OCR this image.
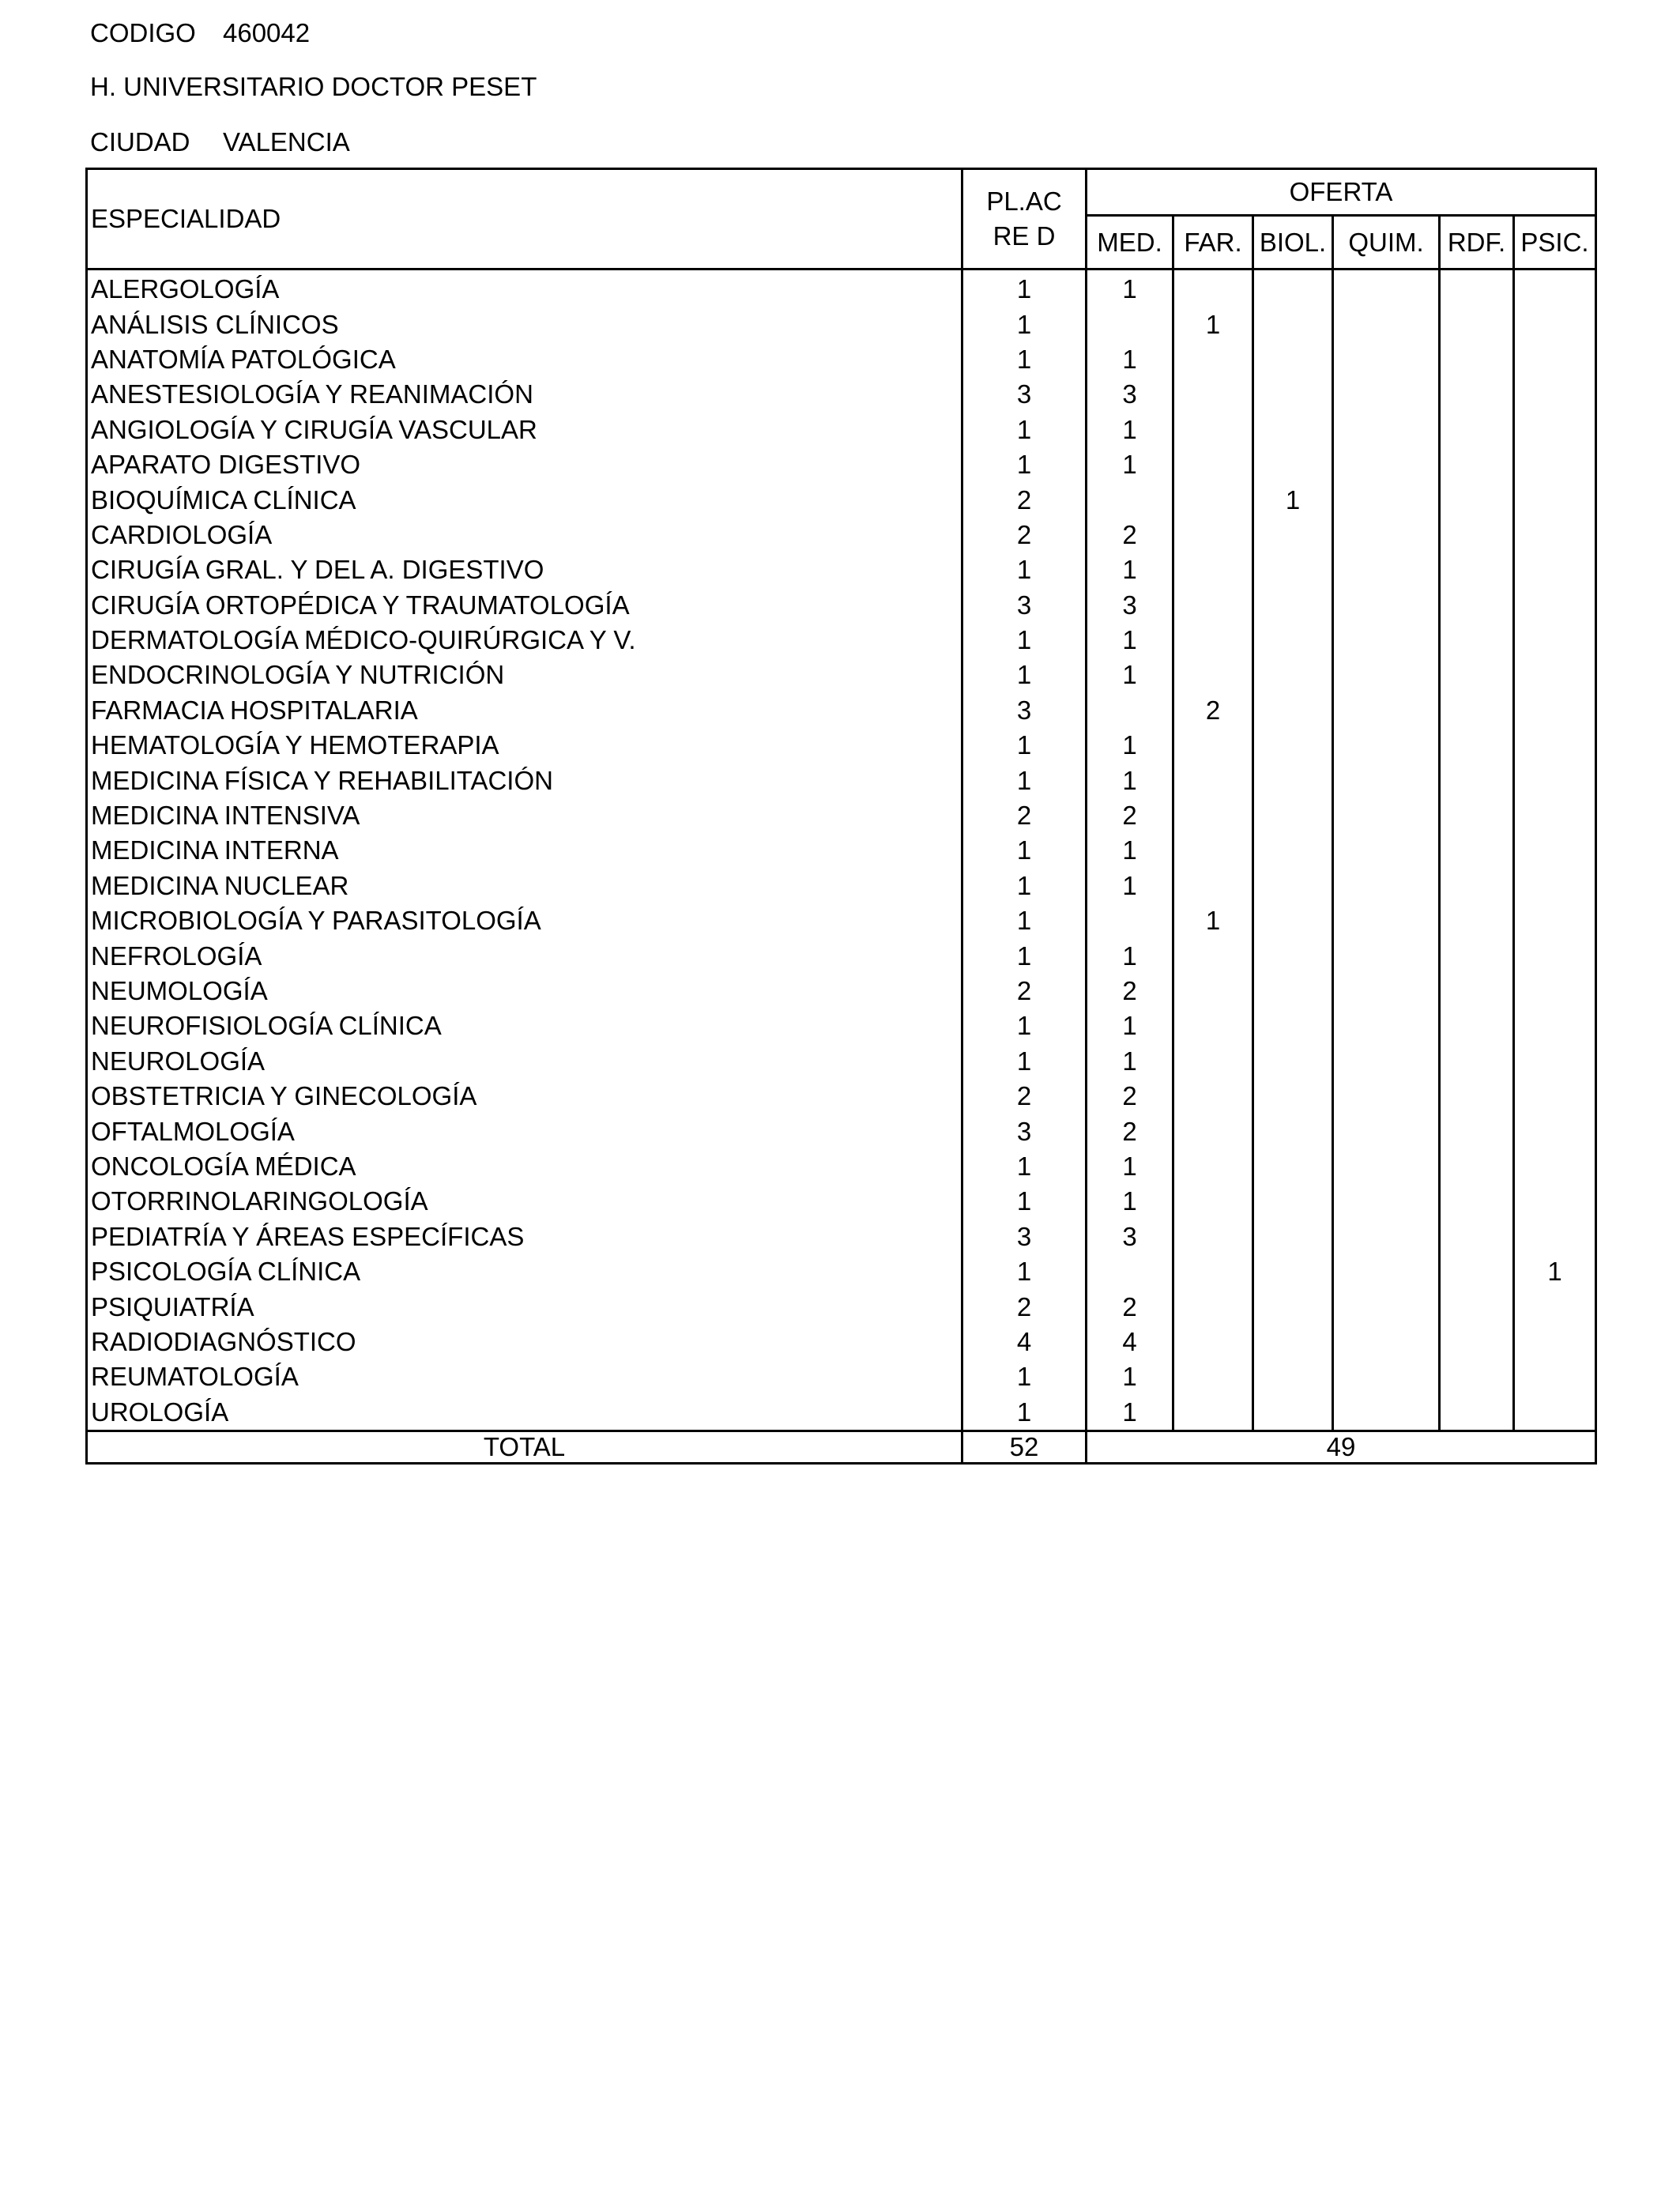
CODIGO 460042
H. UNIVERSITARIO DOCTOR PESET
CIUDAD VALENCIA
ESPECIALIDAD	PL.ACRE D	OFERTA					
		MED.	FAR.	BIOL.	QUIM.	RDF.	PSIC.
ALERGOLOGÍA	1	1					
ANÁLISIS CLÍNICOS	1		1				
ANATOMÍA PATOLÓGICA	1	1					
ANESTESIOLOGÍA Y REANIMACIÓN	3	3					
ANGIOLOGÍA Y CIRUGÍA VASCULAR	1	1					
APARATO DIGESTIVO	1	1					
BIOQUÍMICA CLÍNICA	2			1			
CARDIOLOGÍA	2	2					
CIRUGÍA GRAL. Y DEL A. DIGESTIVO	1	1					
CIRUGÍA ORTOPÉDICA Y TRAUMATOLOGÍA	3	3					
DERMATOLOGÍA MÉDICO-QUIRÚRGICA Y V.	1	1					
ENDOCRINOLOGÍA Y NUTRICIÓN	1	1					
FARMACIA HOSPITALARIA	3		2				
HEMATOLOGÍA Y HEMOTERAPIA	1	1					
MEDICINA FÍSICA Y REHABILITACIÓN	1	1					
MEDICINA INTENSIVA	2	2					
MEDICINA INTERNA	1	1					
MEDICINA NUCLEAR	1	1					
MICROBIOLOGÍA Y PARASITOLOGÍA	1		1				
NEFROLOGÍA	1	1					
NEUMOLOGÍA	2	2					
NEUROFISIOLOGÍA CLÍNICA	1	1					
NEUROLOGÍA	1	1					
OBSTETRICIA Y GINECOLOGÍA	2	2					
OFTALMOLOGÍA	3	2					
ONCOLOGÍA MÉDICA	1	1					
OTORRINOLARINGOLOGÍA	1	1					
PEDIATRÍA Y ÁREAS ESPECÍFICAS	3	3					
PSICOLOGÍA CLÍNICA	1						1
PSIQUIATRÍA	2	2					
RADIODIAGNÓSTICO	4	4					
REUMATOLOGÍA	1	1					
UROLOGÍA	1	1					
TOTAL	52	49					
